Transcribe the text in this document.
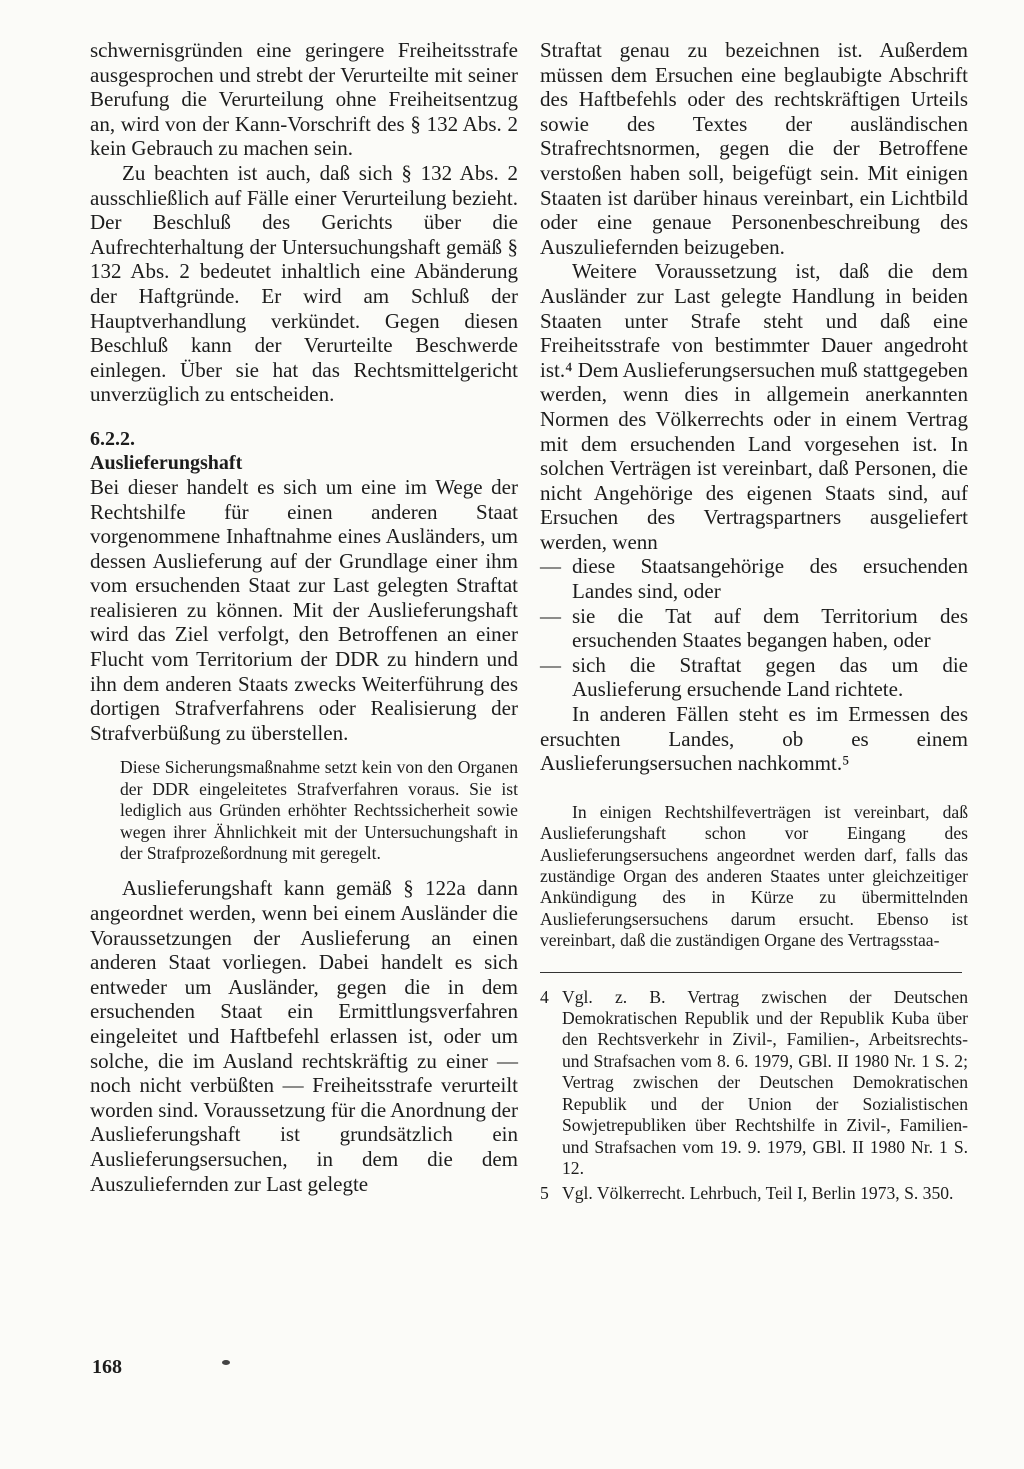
schwernisgründen eine geringere Freiheitsstrafe ausgesprochen und strebt der Verurteilte mit seiner Berufung die Verurteilung ohne Freiheitsentzug an, wird von der Kann-Vorschrift des § 132 Abs. 2 kein Gebrauch zu machen sein.

Zu beachten ist auch, daß sich § 132 Abs. 2 ausschließlich auf Fälle einer Verurteilung bezieht. Der Beschluß des Gerichts über die Aufrechterhaltung der Untersuchungshaft gemäß § 132 Abs. 2 bedeutet inhaltlich eine Abänderung der Haftgründe. Er wird am Schluß der Hauptverhandlung verkündet. Gegen diesen Beschluß kann der Verurteilte Beschwerde einlegen. Über sie hat das Rechtsmittelgericht unverzüglich zu entscheiden.

6.2.2.
Auslieferungshaft

Bei dieser handelt es sich um eine im Wege der Rechtshilfe für einen anderen Staat vorgenommene Inhaftnahme eines Ausländers, um dessen Auslieferung auf der Grundlage einer ihm vom ersuchenden Staat zur Last gelegten Straftat realisieren zu können. Mit der Auslieferungshaft wird das Ziel verfolgt, den Betroffenen an einer Flucht vom Territorium der DDR zu hindern und ihn dem anderen Staats zwecks Weiterführung des dortigen Strafverfahrens oder Realisierung der Strafverbüßung zu überstellen.

Diese Sicherungsmaßnahme setzt kein von den Organen der DDR eingeleitetes Strafverfahren voraus. Sie ist lediglich aus Gründen erhöhter Rechtssicherheit sowie wegen ihrer Ähnlichkeit mit der Untersuchungshaft in der Strafprozeßordnung mit geregelt.

Auslieferungshaft kann gemäß § 122a dann angeordnet werden, wenn bei einem Ausländer die Voraussetzungen der Auslieferung an einen anderen Staat vorliegen. Dabei handelt es sich entweder um Ausländer, gegen die in dem ersuchenden Staat ein Ermittlungsverfahren eingeleitet und Haftbefehl erlassen ist, oder um solche, die im Ausland rechtskräftig zu einer — noch nicht verbüßten — Freiheitsstrafe verurteilt worden sind. Voraussetzung für die Anordnung der Auslieferungshaft ist grundsätzlich ein Auslieferungsersuchen, in dem die dem Auszuliefernden zur Last gelegte

Straftat genau zu bezeichnen ist. Außerdem müssen dem Ersuchen eine beglaubigte Abschrift des Haftbefehls oder des rechtskräftigen Urteils sowie des Textes der ausländischen Strafrechtsnormen, gegen die der Betroffene verstoßen haben soll, beigefügt sein. Mit einigen Staaten ist darüber hinaus vereinbart, ein Lichtbild oder eine genaue Personenbeschreibung des Auszuliefernden beizugeben.

Weitere Voraussetzung ist, daß die dem Ausländer zur Last gelegte Handlung in beiden Staaten unter Strafe steht und daß eine Freiheitsstrafe von bestimmter Dauer angedroht ist.⁴ Dem Auslieferungsersuchen muß stattgegeben werden, wenn dies in allgemein anerkannten Normen des Völkerrechts oder in einem Vertrag mit dem ersuchenden Land vorgesehen ist. In solchen Verträgen ist vereinbart, daß Personen, die nicht Angehörige des eigenen Staats sind, auf Ersuchen des Vertragspartners ausgeliefert werden, wenn

— diese Staatsangehörige des ersuchenden Landes sind, oder
— sie die Tat auf dem Territorium des ersuchenden Staates begangen haben, oder
— sich die Straftat gegen das um die Auslieferung ersuchende Land richtete.

In anderen Fällen steht es im Ermessen des ersuchten Landes, ob es einem Auslieferungsersuchen nachkommt.⁵

In einigen Rechtshilfeverträgen ist vereinbart, daß Auslieferungshaft schon vor Eingang des Auslieferungsersuchens angeordnet werden darf, falls das zuständige Organ des anderen Staates unter gleichzeitiger Ankündigung des in Kürze zu übermittelnden Auslieferungsersuchens darum ersucht. Ebenso ist vereinbart, daß die zuständigen Organe des Vertragsstaa-

4 Vgl. z. B. Vertrag zwischen der Deutschen Demokratischen Republik und der Republik Kuba über den Rechtsverkehr in Zivil-, Familien-, Arbeitsrechts- und Strafsachen vom 8. 6. 1979, GBl. II 1980 Nr. 1 S. 2; Vertrag zwischen der Deutschen Demokratischen Republik und der Union der Sozialistischen Sowjetrepubliken über Rechtshilfe in Zivil-, Familien- und Strafsachen vom 19. 9. 1979, GBl. II 1980 Nr. 1 S. 12.
5 Vgl. Völkerrecht. Lehrbuch, Teil I, Berlin 1973, S. 350.
168
